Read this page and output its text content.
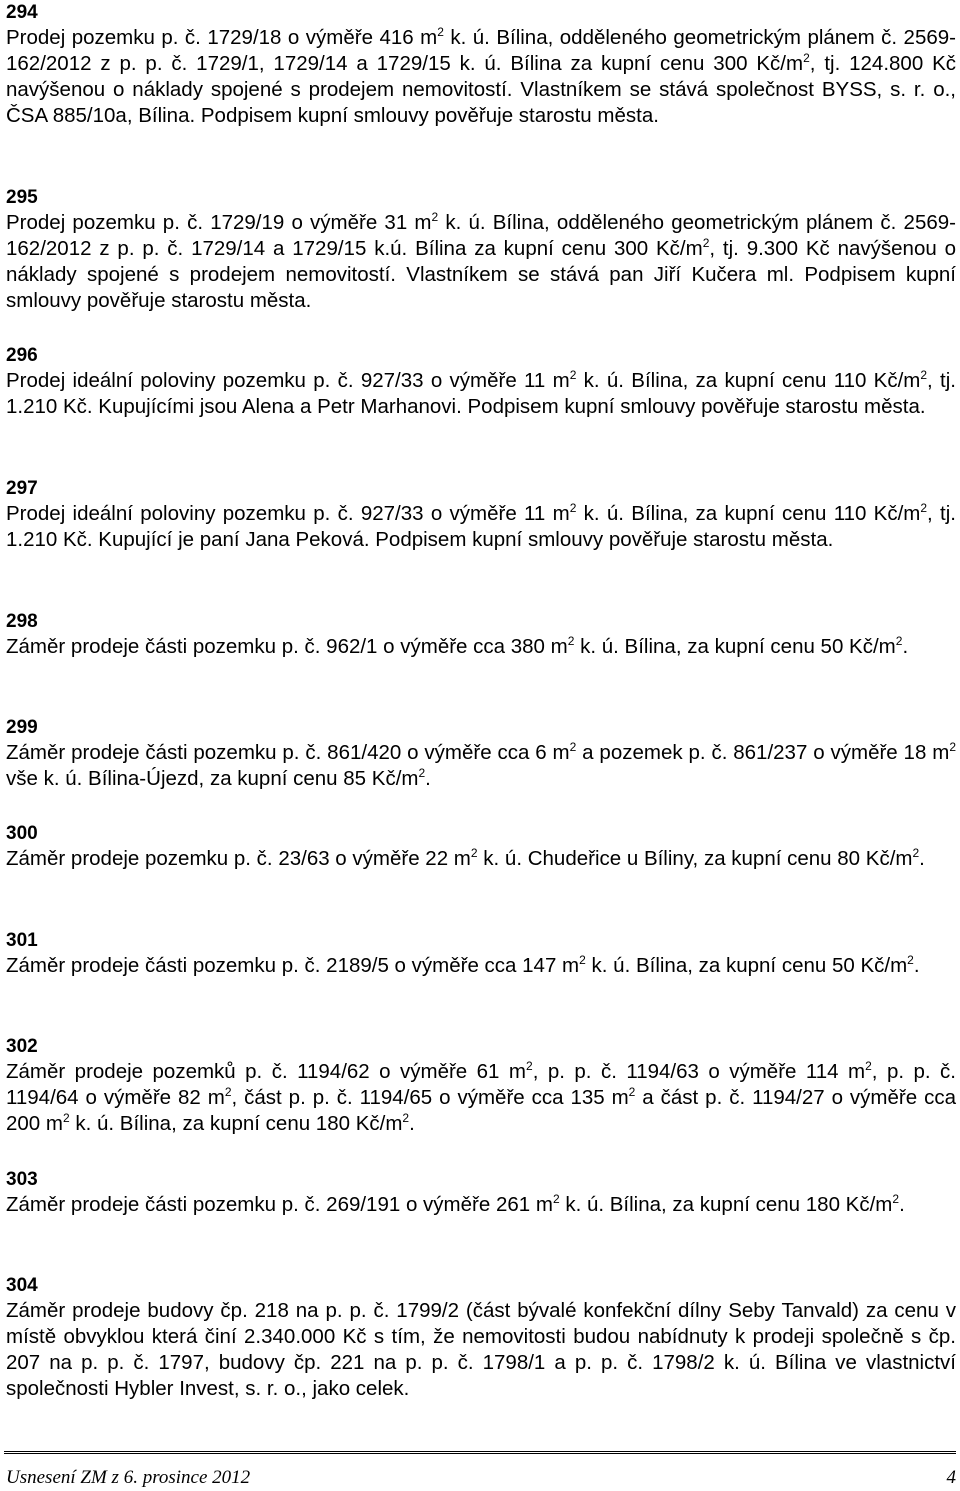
294

Prodej pozemku p. č. 1729/18 o výměře 416 $m^2$ k. ú. Bílina, odděleného geometrickým plánem č. 2569-162/2012 z p. p. č. 1729/1, 1729/14 a 1729/15 k. ú. Bílina za kupní cenu 300 $Kč/m^2$, tj. 124.800 Kč navýšenou o náklady spojené s prodejem nemovitostí. Vlastníkem se stává společnost BYSS, s. r. o., ČSA 885/10a, Bílina. Podpisem kupní smlouvy pověřuje starostu města.

295

Prodej pozemku p. č. 1729/19 o výměře 31 $m^2$ k. ú. Bílina, odděleného geometrickým plánem č. 2569-162/2012 z p. p. č. 1729/14 a 1729/15 k.ú. Bílina za kupní cenu 300 $Kč/m^2$, tj. 9.300 Kč navýšenou o náklady spojené s prodejem nemovitostí. Vlastníkem se stává pan Jiří Kučera ml. Podpisem kupní smlouvy pověřuje starostu města.

296

Prodej ideální poloviny pozemku p. č. 927/33 o výměře 11 $m^2$ k. ú. Bílina, za kupní cenu 110 $Kč/m^2$, tj. 1.210 Kč. Kupujícími jsou Alena a Petr Marhanovi. Podpisem kupní smlouvy pověřuje starostu města.

297

Prodej ideální poloviny pozemku p. č. 927/33 o výměře 11 $m^2$ k. ú. Bílina, za kupní cenu 110 $Kč/m^2$, tj. 1.210 Kč. Kupující je paní Jana Peková. Podpisem kupní smlouvy pověřuje starostu města.

298

Záměr prodeje části pozemku p. č. 962/1 o výměře cca 380 $m^2$ k. ú. Bílina, za kupní cenu 50 $Kč/m^2$.

299

Záměr prodeje části pozemku p. č. 861/420 o výměře cca 6 $m^2$ a pozemek p. č. 861/237 o výměře 18 $m^2$ vše k. ú. Bílina-Újezd, za kupní cenu 85 $Kč/m^2$.

300

Záměr prodeje pozemku p. č. 23/63 o výměře 22 $m^2$ k. ú. Chudeřice u Bíliny, za kupní cenu 80 $Kč/m^2$.

301

Záměr prodeje části pozemku p. č. 2189/5 o výměře cca 147 $m^2$ k. ú. Bílina, za kupní cenu 50 $Kč/m^2$.

302

Záměr prodeje pozemků p. č. 1194/62 o výměře 61 $m^2$, p. p. č. 1194/63 o výměře 114 $m^2$, p. p. č. 1194/64 o výměře 82 $m^2$, část p. p. č. 1194/65 o výměře cca 135 $m^2$ a část p. č. 1194/27 o výměře cca 200 $m^2$ k. ú. Bílina, za kupní cenu 180 $Kč/m^2$.

303

Záměr prodeje části pozemku p. č. 269/191 o výměře 261 $m^2$ k. ú. Bílina, za kupní cenu 180 $Kč/m^2$.

304

Záměr prodeje budovy čp. 218 na p. p. č. 1799/2 (část bývalé konfekční dílny Seby Tanvald) za cenu v místě obvyklou která činí 2.340.000 Kč s tím, že nemovitosti budou nabídnuty k prodeji společně s čp. 207 na p. p. č. 1797, budovy čp. 221 na p. p. č. 1798/1 a p. p. č. 1798/2 k. ú. Bílina ve vlastnictví společnosti Hybler Invest, s. r. o., jako celek.

Usnesení ZM z 6. prosince 2012	4
